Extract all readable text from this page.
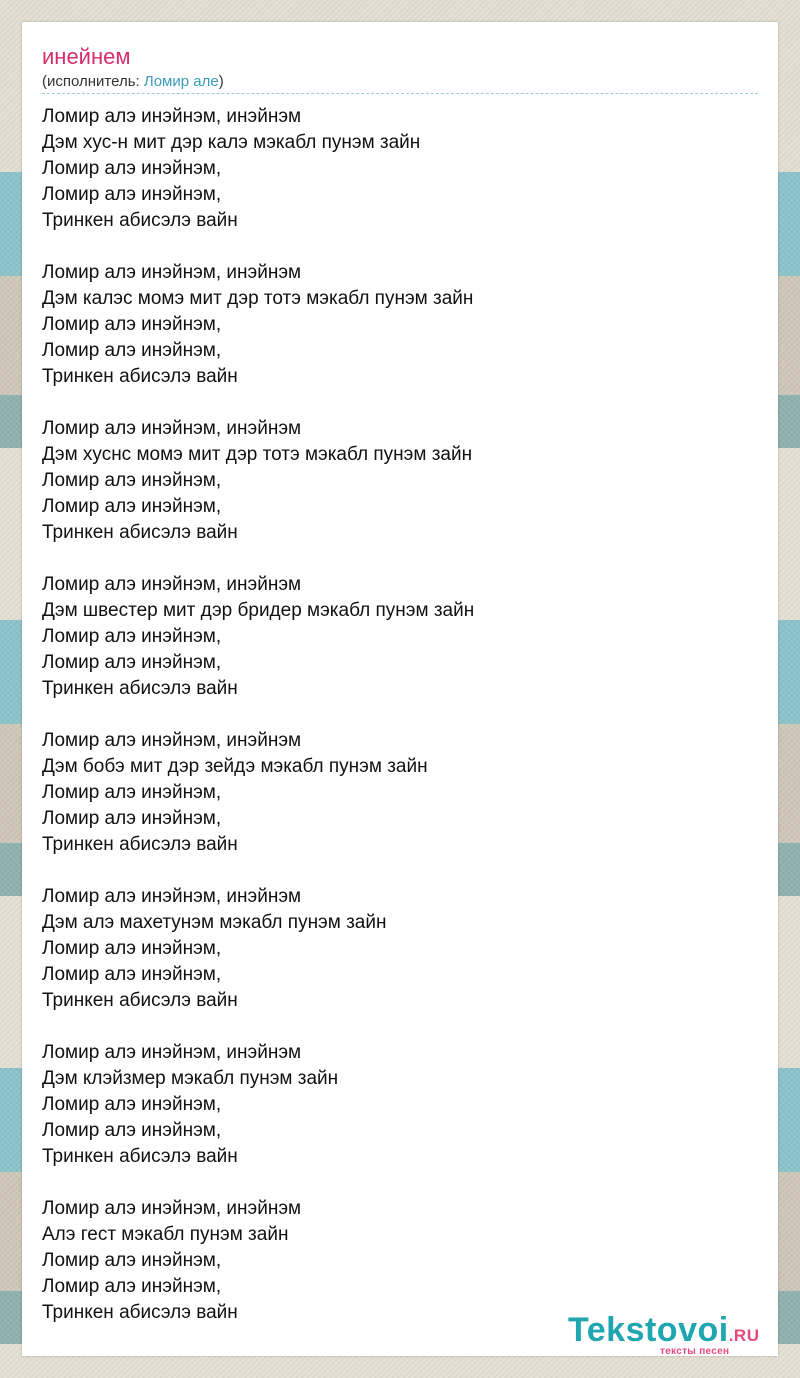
инейнем
(исполнитель: Ломир але)
Ломир алэ инэйнэм, инэйнэм
Дэм хус-н мит дэр калэ мэкабл пунэм зайн
Ломир алэ инэйнэм,
Ломир алэ инэйнэм,
Тринкен абисэлэ вайн
Ломир алэ инэйнэм, инэйнэм
Дэм калэс момэ мит дэр тотэ мэкабл пунэм зайн
Ломир алэ инэйнэм,
Ломир алэ инэйнэм,
Тринкен абисэлэ вайн
Ломир алэ инэйнэм, инэйнэм
Дэм хуснс момэ мит дэр тотэ мэкабл пунэм зайн
Ломир алэ инэйнэм,
Ломир алэ инэйнэм,
Тринкен абисэлэ вайн
Ломир алэ инэйнэм, инэйнэм
Дэм швестер мит дэр бридер мэкабл пунэм зайн
Ломир алэ инэйнэм,
Ломир алэ инэйнэм,
Тринкен абисэлэ вайн
Ломир алэ инэйнэм, инэйнэм
Дэм бобэ мит дэр зейдэ мэкабл пунэм зайн
Ломир алэ инэйнэм,
Ломир алэ инэйнэм,
Тринкен абисэлэ вайн
Ломир алэ инэйнэм, инэйнэм
Дэм алэ махетунэм мэкабл пунэм зайн
Ломир алэ инэйнэм,
Ломир алэ инэйнэм,
Тринкен абисэлэ вайн
Ломир алэ инэйнэм, инэйнэм
Дэм клэйзмер мэкабл пунэм зайн
Ломир алэ инэйнэм,
Ломир алэ инэйнэм,
Тринкен абисэлэ вайн
Ломир алэ инэйнэм, инэйнэм
Алэ гест мэкабл пунэм зайн
Ломир алэ инэйнэм,
Ломир алэ инэйнэм,
Тринкен абисэлэ вайн	Tekstovoi.RU
тексты песен
